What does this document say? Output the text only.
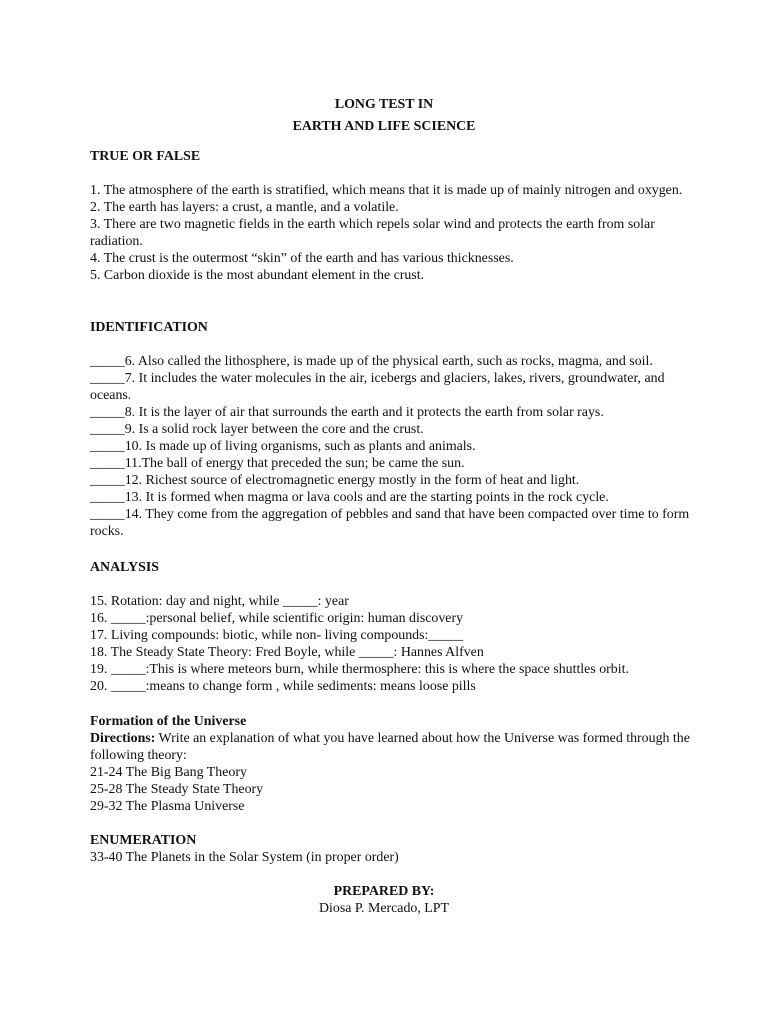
LONG TEST IN
EARTH AND LIFE SCIENCE
TRUE OR FALSE
1. The atmosphere of the earth is stratified, which means that it is made up of mainly nitrogen and oxygen.
2. The earth has layers: a crust, a mantle, and a volatile.
3. There are two magnetic fields in the earth which repels solar wind and protects the earth from solar radiation.
4. The crust is the outermost “skin” of the earth and has various thicknesses.
5. Carbon dioxide is the most abundant element in the crust.
IDENTIFICATION
_____6. Also called the lithosphere, is made up of the physical earth, such as rocks, magma, and soil.
_____7. It includes the water molecules in the air, icebergs and glaciers, lakes, rivers, groundwater, and oceans.
_____8. It is the layer of air that surrounds the earth and it protects the earth from solar rays.
_____9. Is a solid rock layer between the core and the crust.
_____10. Is made up of living organisms, such as plants and animals.
_____11.The ball of energy that preceded the sun; be came the sun.
_____12. Richest source of electromagnetic energy mostly in the form of heat and light.
_____13. It is formed when magma or lava cools and are the starting points in the rock cycle.
_____14. They come from the aggregation of pebbles and sand that have been compacted over time to form rocks.
ANALYSIS
15. Rotation: day and night, while _____: year
16. _____:personal belief, while scientific origin: human discovery
17. Living compounds: biotic, while non- living compounds:_____
18. The Steady State Theory: Fred Boyle, while _____: Hannes Alfven
19. _____:This is where meteors burn, while thermosphere: this is where the space shuttles orbit.
20. _____:means to change form , while sediments: means loose pills
Formation of the Universe
Directions: Write an explanation of what you have learned about how the Universe was formed through the following theory:
21-24 The Big Bang Theory
25-28 The Steady State Theory
29-32 The Plasma Universe
ENUMERATION
33-40 The Planets in the Solar System (in proper order)
PREPARED BY:
Diosa P. Mercado, LPT
